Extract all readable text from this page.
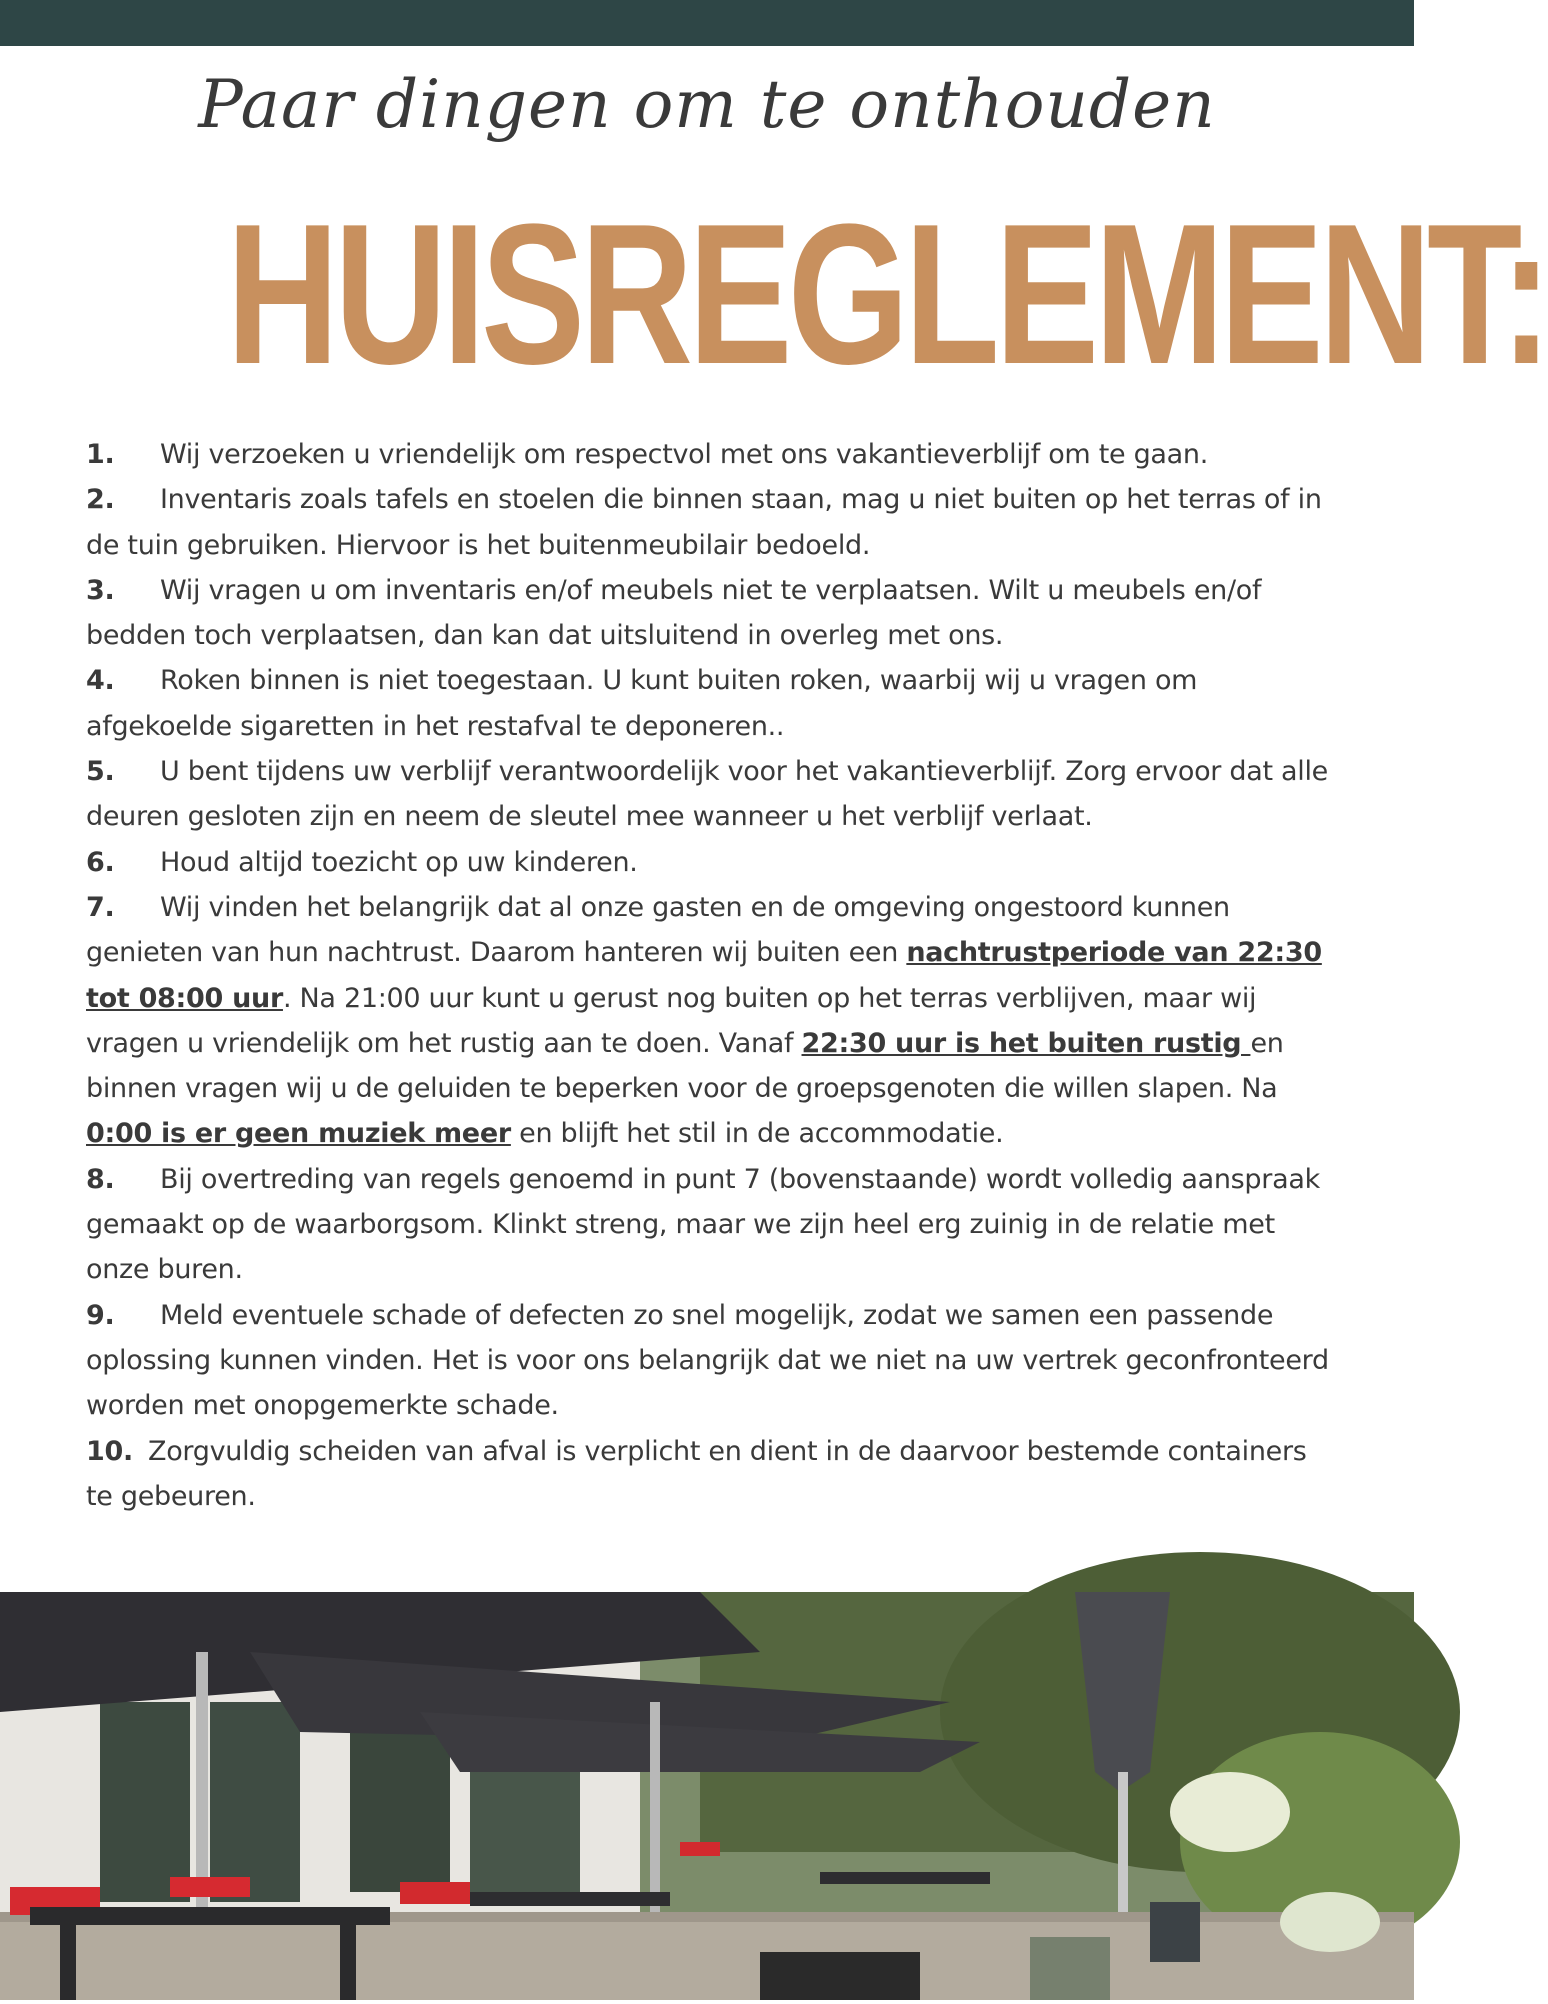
Paar dingen om te onthouden
HUISREGLEMENT:
1. Wij verzoeken u vriendelijk om respectvol met ons vakantieverblijf om te gaan.
2. Inventaris zoals tafels en stoelen die binnen staan, mag u niet buiten op het terras of in de tuin gebruiken. Hiervoor is het buitenmeubilair bedoeld.
3. Wij vragen u om inventaris en/of meubels niet te verplaatsen. Wilt u meubels en/of bedden toch verplaatsen, dan kan dat uitsluitend in overleg met ons.
4. Roken binnen is niet toegestaan. U kunt buiten roken, waarbij wij u vragen om afgekoelde sigaretten in het restafval te deponeren..
5. U bent tijdens uw verblijf verantwoordelijk voor het vakantieverblijf. Zorg ervoor dat alle deuren gesloten zijn en neem de sleutel mee wanneer u het verblijf verlaat.
6. Houd altijd toezicht op uw kinderen.
7. Wij vinden het belangrijk dat al onze gasten en de omgeving ongestoord kunnen genieten van hun nachtrust. Daarom hanteren wij buiten een nachtrustperiode van 22:30 tot 08:00 uur. Na 21:00 uur kunt u gerust nog buiten op het terras verblijven, maar wij vragen u vriendelijk om het rustig aan te doen. Vanaf 22:30 uur is het buiten rustig en binnen vragen wij u de geluiden te beperken voor de groepsgenoten die willen slapen. Na 0:00 is er geen muziek meer en blijft het stil in de accommodatie.
8. Bij overtreding van regels genoemd in punt 7 (bovenstaande) wordt volledig aanspraak gemaakt op de waarborgsom. Klinkt streng, maar we zijn heel erg zuinig in de relatie met onze buren.
9. Meld eventuele schade of defecten zo snel mogelijk, zodat we samen een passende oplossing kunnen vinden. Het is voor ons belangrijk dat we niet na uw vertrek geconfronteerd worden met onopgemerkte schade.
10. Zorgvuldig scheiden van afval is verplicht en dient in de daarvoor bestemde containers te gebeuren.
